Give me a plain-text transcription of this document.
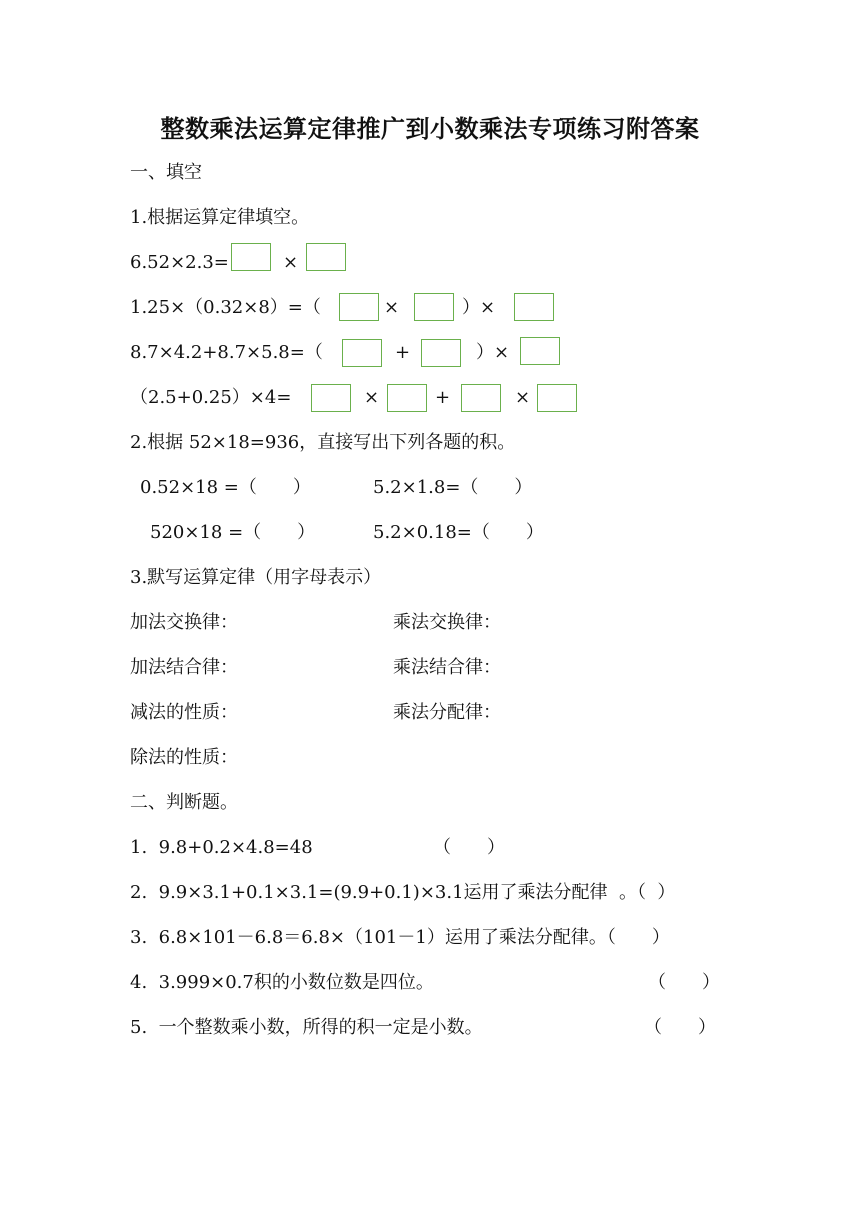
整数乘法运算定律推广到小数乘法专项练习附答案
一、填空
1.根据运算定律填空。
6.52×2.3=	×
1.25×（0.32×8）=（	×	）×
8.7×4.2+8.7×5.8=（	+	）×
（2.5+0.25）×4=	×	+	×
2.根据 52×18=936，直接写出下列各题的积。
0.52×18 =（　　）	5.2×1.8=（　　）
520×18 =（　　）	5.2×0.18=（　　）
3.默写运算定律（用字母表示）
加法交换律：	乘法交换律：
加法结合律：	乘法结合律：
减法的性质：	乘法分配律：
除法的性质：
二、判断题。
1.  9.8+0.2×4.8=48	（　　）
2.  9.9×3.1+0.1×3.1=(9.9+0.1)×3.1运用了乘法分配律  。（  ）
3.  6.8×101－6.8＝6.8×（101－1）运用了乘法分配律。（　　）
4.  3.999×0.7积的小数位数是四位。	（　　）
5.  一个整数乘小数，所得的积一定是小数。	（　　）
